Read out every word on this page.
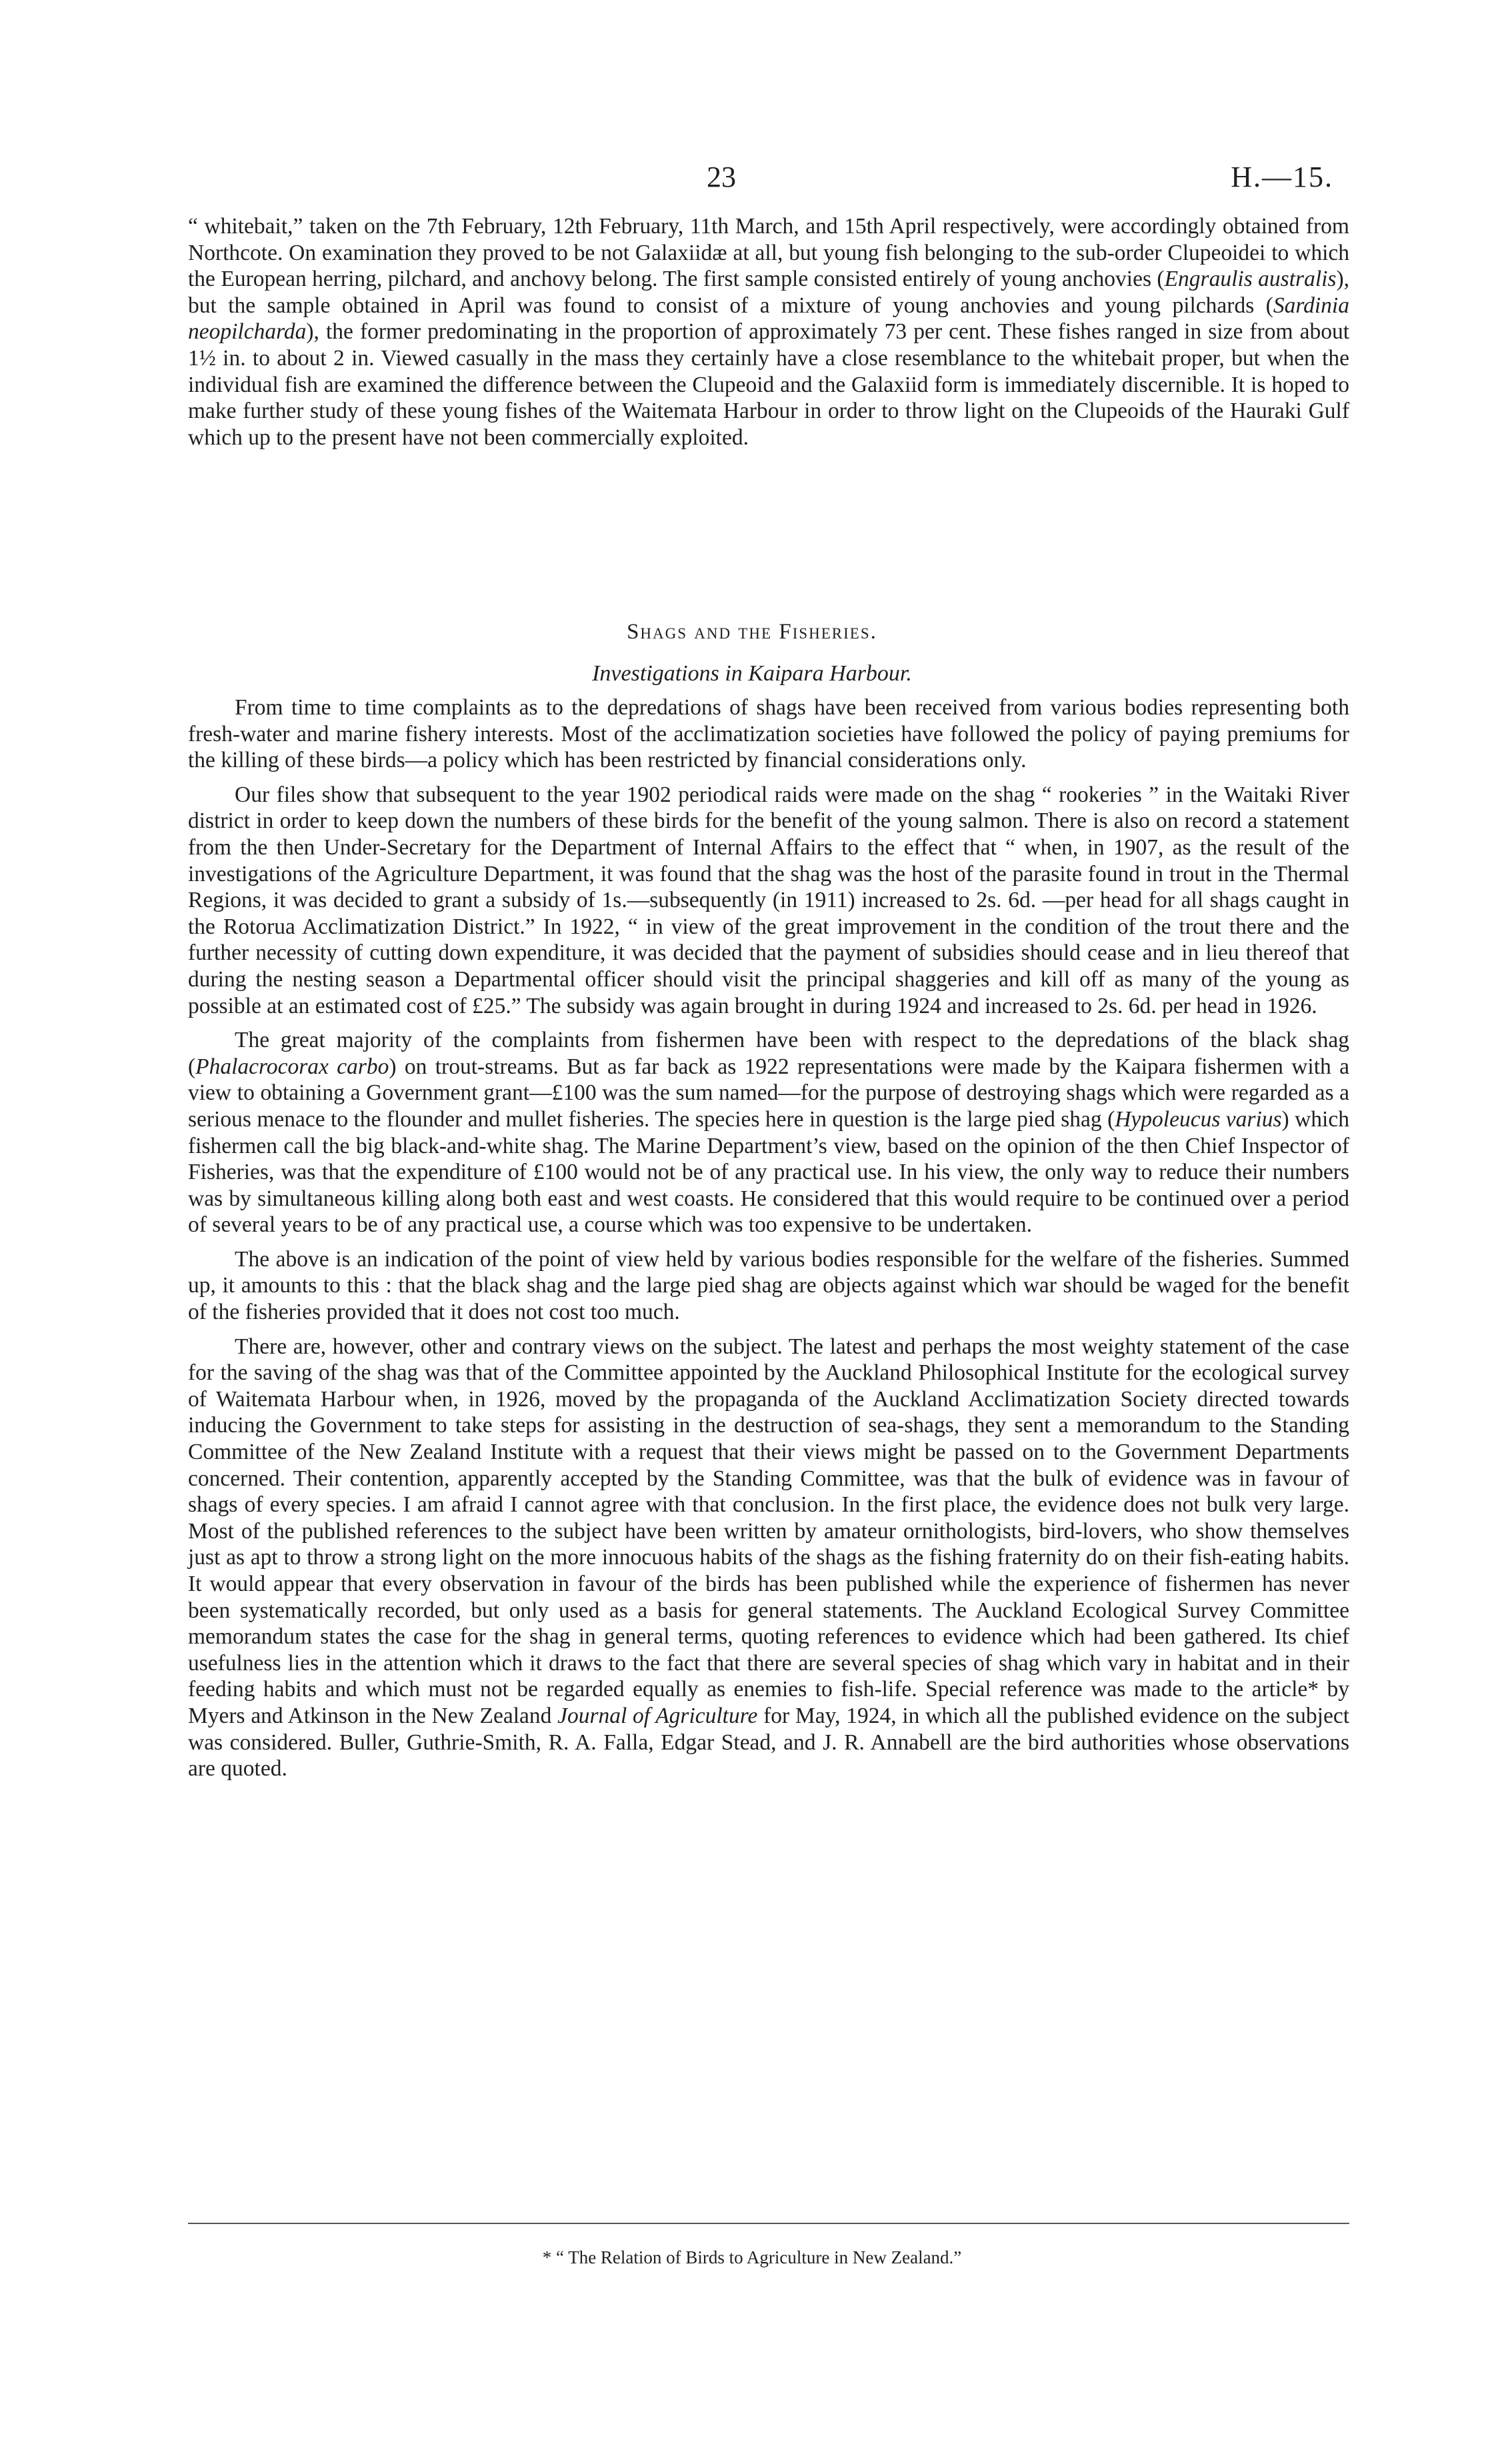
23	H.—15.

“ whitebait,” taken on the 7th February, 12th February, 11th March, and 15th April respectively, were accordingly obtained from Northcote. On examination they proved to be not Galaxiidæ at all, but young fish belonging to the sub-order Clupeoidei to which the European herring, pilchard, and anchovy belong. The first sample consisted entirely of young anchovies (Engraulis australis), but the sample obtained in April was found to consist of a mixture of young anchovies and young pilchards (Sardinia neopilcharda), the former predominating in the proportion of approximately 73 per cent. These fishes ranged in size from about 1½ in. to about 2 in. Viewed casually in the mass they certainly have a close resemblance to the whitebait proper, but when the individual fish are examined the difference between the Clupeoid and the Galaxiid form is immediately discernible. It is hoped to make further study of these young fishes of the Waitemata Harbour in order to throw light on the Clupeoids of the Hauraki Gulf which up to the present have not been commercially exploited.

Shags and the Fisheries.
Investigations in Kaipara Harbour.

From time to time complaints as to the depredations of shags have been received from various bodies representing both fresh-water and marine fishery interests. Most of the acclimatization societies have followed the policy of paying premiums for the killing of these birds—a policy which has been restricted by financial considerations only.

Our files show that subsequent to the year 1902 periodical raids were made on the shag “ rookeries ” in the Waitaki River district in order to keep down the numbers of these birds for the benefit of the young salmon. There is also on record a statement from the then Under-Secretary for the Department of Internal Affairs to the effect that “ when, in 1907, as the result of the investigations of the Agriculture Department, it was found that the shag was the host of the parasite found in trout in the Thermal Regions, it was decided to grant a subsidy of 1s.—subsequently (in 1911) increased to 2s. 6d. —per head for all shags caught in the Rotorua Acclimatization District.” In 1922, “ in view of the great improvement in the condition of the trout there and the further necessity of cutting down expenditure, it was decided that the payment of subsidies should cease and in lieu thereof that during the nesting season a Departmental officer should visit the principal shaggeries and kill off as many of the young as possible at an estimated cost of £25.” The subsidy was again brought in during 1924 and increased to 2s. 6d. per head in 1926.

The great majority of the complaints from fishermen have been with respect to the depredations of the black shag (Phalacrocorax carbo) on trout-streams. But as far back as 1922 representations were made by the Kaipara fishermen with a view to obtaining a Government grant—£100 was the sum named—for the purpose of destroying shags which were regarded as a serious menace to the flounder and mullet fisheries. The species here in question is the large pied shag (Hypoleucus varius) which fishermen call the big black-and-white shag. The Marine Department’s view, based on the opinion of the then Chief Inspector of Fisheries, was that the expenditure of £100 would not be of any practical use. In his view, the only way to reduce their numbers was by simultaneous killing along both east and west coasts. He considered that this would require to be continued over a period of several years to be of any practical use, a course which was too expensive to be undertaken.

The above is an indication of the point of view held by various bodies responsible for the welfare of the fisheries. Summed up, it amounts to this : that the black shag and the large pied shag are objects against which war should be waged for the benefit of the fisheries provided that it does not cost too much.

There are, however, other and contrary views on the subject. The latest and perhaps the most weighty statement of the case for the saving of the shag was that of the Committee appointed by the Auckland Philosophical Institute for the ecological survey of Waitemata Harbour when, in 1926, moved by the propaganda of the Auckland Acclimatization Society directed towards inducing the Government to take steps for assisting in the destruction of sea-shags, they sent a memorandum to the Standing Committee of the New Zealand Institute with a request that their views might be passed on to the Government Departments concerned. Their contention, apparently accepted by the Standing Committee, was that the bulk of evidence was in favour of shags of every species. I am afraid I cannot agree with that conclusion. In the first place, the evidence does not bulk very large. Most of the published references to the subject have been written by amateur ornithologists, bird-lovers, who show themselves just as apt to throw a strong light on the more innocuous habits of the shags as the fishing fraternity do on their fish-eating habits. It would appear that every observation in favour of the birds has been published while the experience of fishermen has never been systematically recorded, but only used as a basis for general statements. The Auckland Ecological Survey Committee memorandum states the case for the shag in general terms, quoting references to evidence which had been gathered. Its chief usefulness lies in the attention which it draws to the fact that there are several species of shag which vary in habitat and in their feeding habits and which must not be regarded equally as enemies to fish-life. Special reference was made to the article* by Myers and Atkinson in the New Zealand Journal of Agriculture for May, 1924, in which all the published evidence on the subject was considered. Buller, Guthrie-Smith, R. A. Falla, Edgar Stead, and J. R. Annabell are the bird authorities whose observations are quoted.

* “ The Relation of Birds to Agriculture in New Zealand.”
